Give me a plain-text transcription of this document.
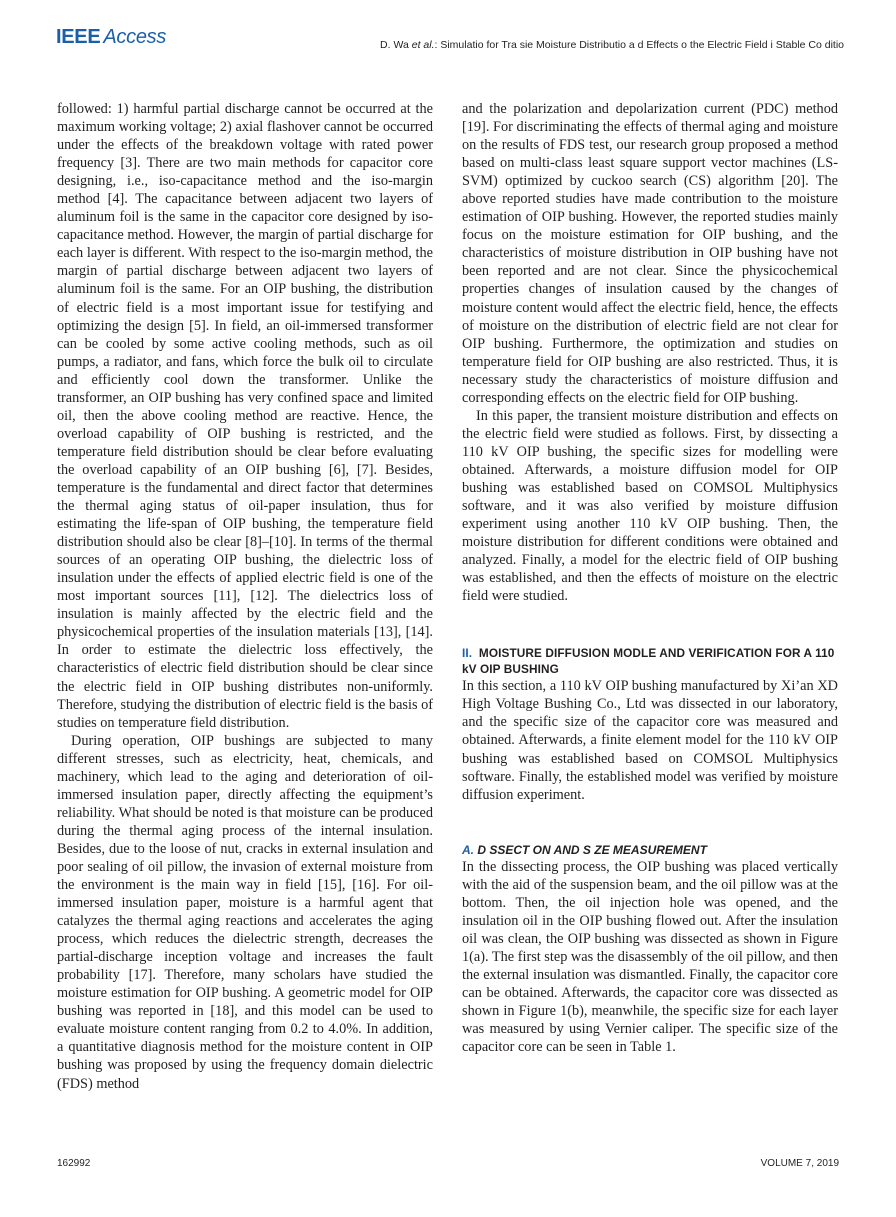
IEEE Access	D. Wa et al.: Simulatio for Tra sie Moisture Distributio a d Effects o the Electric Field i Stable Co ditio

followed: 1) harmful partial discharge cannot be occurred at the maximum working voltage; 2) axial flashover cannot be occurred under the effects of the breakdown voltage with rated power frequency [3]. There are two main methods for capacitor core designing, i.e., iso-capacitance method and the iso-margin method [4]. The capacitance between adjacent two layers of aluminum foil is the same in the capacitor core designed by iso-capacitance method. However, the margin of partial discharge for each layer is different. With respect to the iso-margin method, the margin of partial discharge between adjacent two layers of aluminum foil is the same. For an OIP bushing, the distribution of electric field is a most important issue for testifying and optimizing the design [5]. In field, an oil-immersed transformer can be cooled by some active cooling methods, such as oil pumps, a radiator, and fans, which force the bulk oil to circulate and efficiently cool down the transformer. Unlike the transformer, an OIP bushing has very confined space and limited oil, then the above cooling method are reactive. Hence, the overload capability of OIP bushing is restricted, and the temperature field distribution should be clear before evaluating the overload capability of an OIP bushing [6], [7]. Besides, temperature is the fundamental and direct factor that determines the thermal aging status of oil-paper insulation, thus for estimating the life-span of OIP bushing, the temperature field distribution should also be clear [8]–[10]. In terms of the thermal sources of an operating OIP bushing, the dielectric loss of insulation under the effects of applied electric field is one of the most important sources [11], [12]. The dielectrics loss of insulation is mainly affected by the electric field and the physicochemical properties of the insulation materials [13], [14]. In order to estimate the dielectric loss effectively, the characteristics of electric field distribution should be clear since the electric field in OIP bushing distributes non-uniformly. Therefore, studying the distribution of electric field is the basis of studies on temperature field distribution.

During operation, OIP bushings are subjected to many different stresses, such as electricity, heat, chemicals, and machinery, which lead to the aging and deterioration of oil-immersed insulation paper, directly affecting the equipment’s reliability. What should be noted is that moisture can be produced during the thermal aging process of the internal insulation. Besides, due to the loose of nut, cracks in external insulation and poor sealing of oil pillow, the invasion of external moisture from the environment is the main way in field [15], [16]. For oil-immersed insulation paper, moisture is a harmful agent that catalyzes the thermal aging reactions and accelerates the aging process, which reduces the dielectric strength, decreases the partial-discharge inception voltage and increases the fault probability [17]. Therefore, many scholars have studied the moisture estimation for OIP bushing. A geometric model for OIP bushing was reported in [18], and this model can be used to evaluate moisture content ranging from 0.2 to 4.0%. In addition, a quantitative diagnosis method for the moisture content in OIP bushing was proposed by using the frequency domain dielectric (FDS) method

and the polarization and depolarization current (PDC) method [19]. For discriminating the effects of thermal aging and moisture on the results of FDS test, our research group proposed a method based on multi-class least square support vector machines (LS-SVM) optimized by cuckoo search (CS) algorithm [20]. The above reported studies have made contribution to the moisture estimation of OIP bushing. However, the reported studies mainly focus on the moisture estimation for OIP bushing, and the characteristics of moisture distribution in OIP bushing have not been reported and are not clear. Since the physicochemical properties changes of insulation caused by the changes of moisture content would affect the electric field, hence, the effects of moisture on the distribution of electric field are not clear for OIP bushing. Furthermore, the optimization and studies on temperature field for OIP bushing are also restricted. Thus, it is necessary study the characteristics of moisture diffusion and corresponding effects on the electric field for OIP bushing.

In this paper, the transient moisture distribution and effects on the electric field were studied as follows. First, by dissecting a 110 kV OIP bushing, the specific sizes for modelling were obtained. Afterwards, a moisture diffusion model for OIP bushing was established based on COMSOL Multiphysics software, and it was also verified by moisture diffusion experiment using another 110 kV OIP bushing. Then, the moisture distribution for different conditions were obtained and analyzed. Finally, a model for the electric field of OIP bushing was established, and then the effects of moisture on the electric field were studied.

II. MOISTURE DIFFUSION MODLE AND VERIFICATION FOR A 110 kV OIP BUSHING

In this section, a 110 kV OIP bushing manufactured by Xi’an XD High Voltage Bushing Co., Ltd was dissected in our laboratory, and the specific size of the capacitor core was measured and obtained. Afterwards, a finite element model for the 110 kV OIP bushing was established based on COMSOL Multiphysics software. Finally, the established model was verified by moisture diffusion experiment.

A. D SSECT ON AND S ZE MEASUREMENT

In the dissecting process, the OIP bushing was placed vertically with the aid of the suspension beam, and the oil pillow was at the bottom. Then, the oil injection hole was opened, and the insulation oil in the OIP bushing flowed out. After the insulation oil was clean, the OIP bushing was dissected as shown in Figure 1(a). The first step was the disassembly of the oil pillow, and then the external insulation was dismantled. Finally, the capacitor core can be obtained. Afterwards, the capacitor core was dissected as shown in Figure 1(b), meanwhile, the specific size for each layer was measured by using Vernier caliper. The specific size of the capacitor core can be seen in Table 1.

162992	VOLUME 7, 2019
